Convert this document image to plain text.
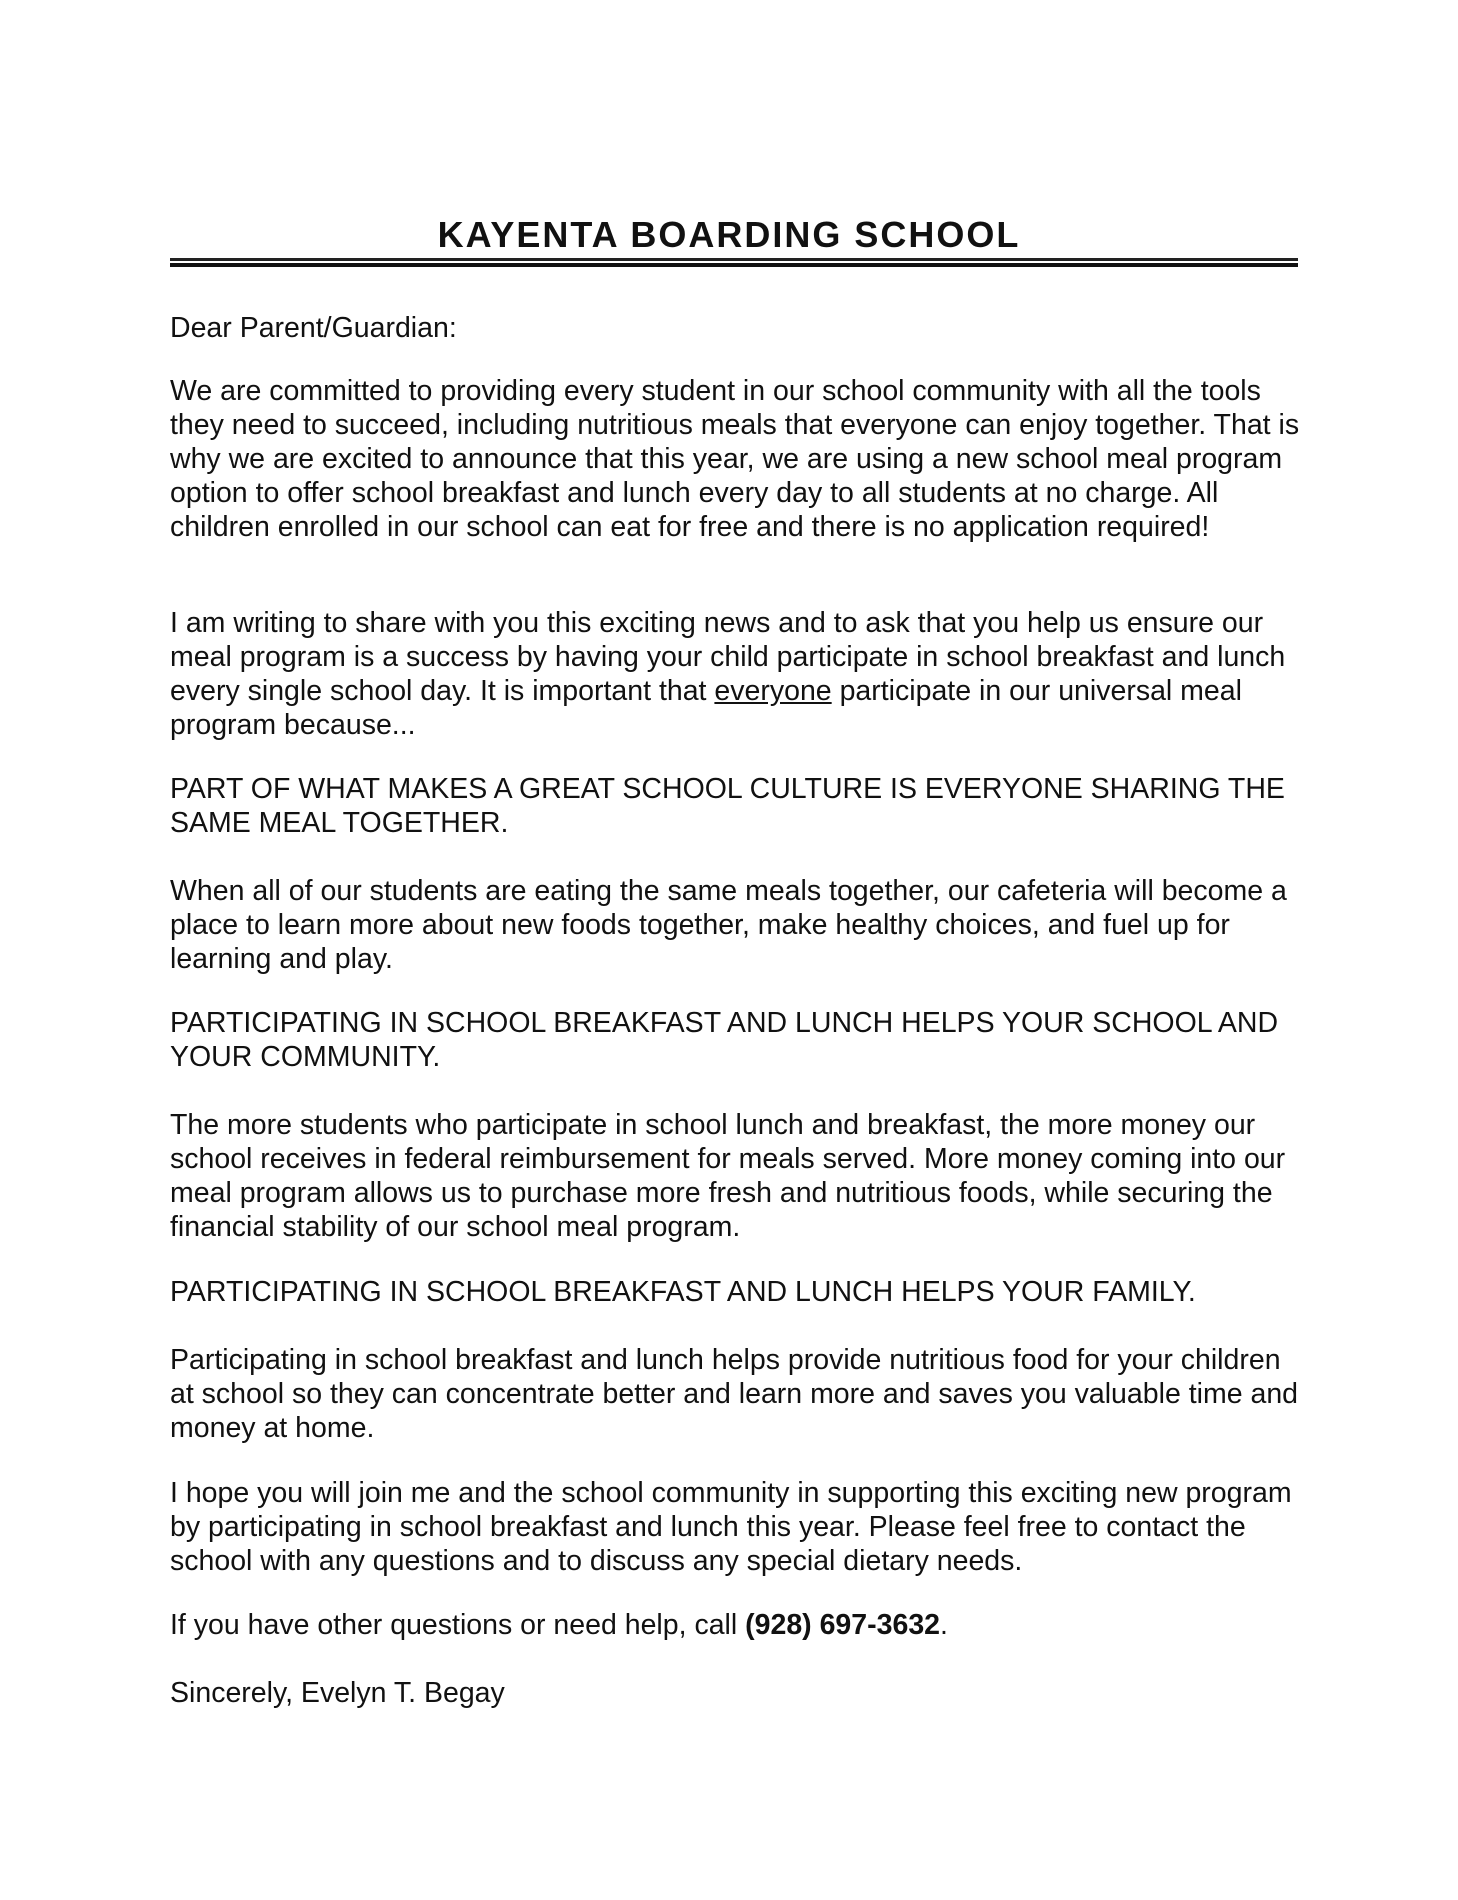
KAYENTA BOARDING SCHOOL

Dear Parent/Guardian:

We are committed to providing every student in our school community with all the tools they need to succeed, including nutritious meals that everyone can enjoy together. That is why we are excited to announce that this year, we are using a new school meal program option to offer school breakfast and lunch every day to all students at no charge. All children enrolled in our school can eat for free and there is no application required!

I am writing to share with you this exciting news and to ask that you help us ensure our meal program is a success by having your child participate in school breakfast and lunch every single school day. It is important that everyone participate in our universal meal program because...

PART OF WHAT MAKES A GREAT SCHOOL CULTURE IS EVERYONE SHARING THE SAME MEAL TOGETHER.

When all of our students are eating the same meals together, our cafeteria will become a place to learn more about new foods together, make healthy choices, and fuel up for learning and play.

PARTICIPATING IN SCHOOL BREAKFAST AND LUNCH HELPS YOUR SCHOOL AND YOUR COMMUNITY.

The more students who participate in school lunch and breakfast, the more money our school receives in federal reimbursement for meals served. More money coming into our meal program allows us to purchase more fresh and nutritious foods, while securing the financial stability of our school meal program.

PARTICIPATING IN SCHOOL BREAKFAST AND LUNCH HELPS YOUR FAMILY.

Participating in school breakfast and lunch helps provide nutritious food for your children at school so they can concentrate better and learn more and saves you valuable time and money at home.

I hope you will join me and the school community in supporting this exciting new program by participating in school breakfast and lunch this year. Please feel free to contact the school with any questions and to discuss any special dietary needs.

If you have other questions or need help, call (928) 697-3632.

Sincerely, Evelyn T. Begay
